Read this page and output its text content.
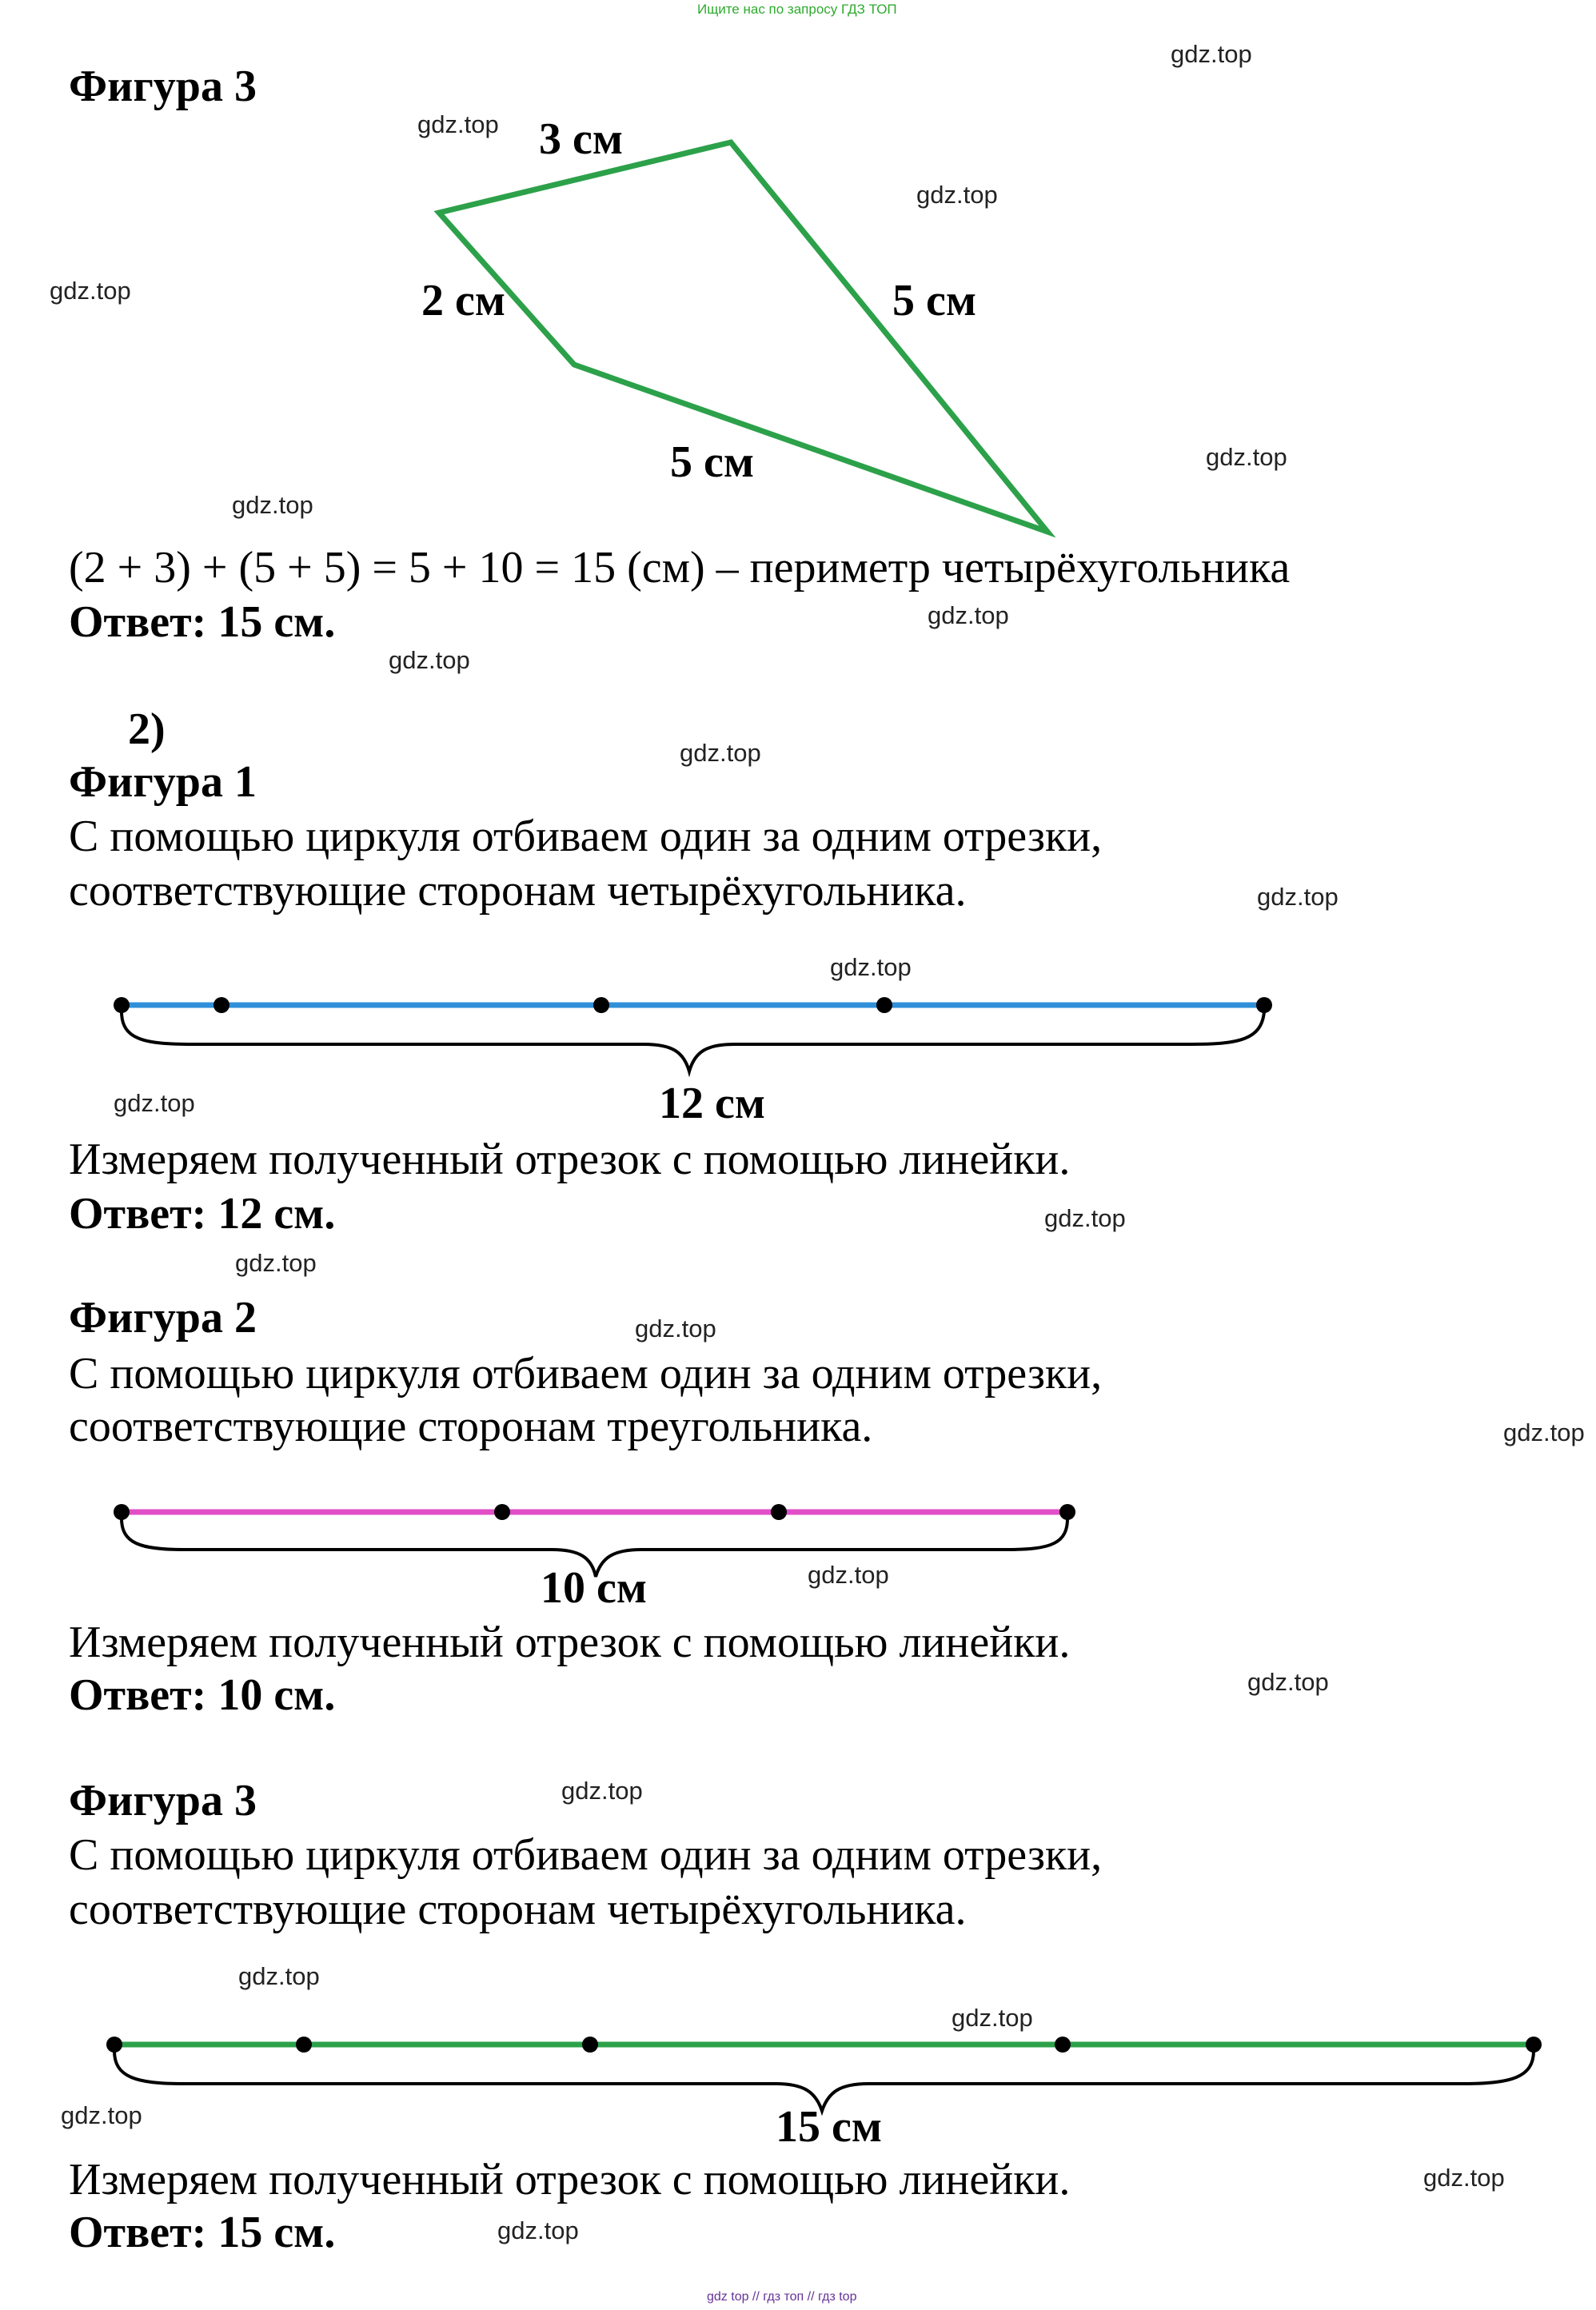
Ищите нас по запросу ГДЗ ТОП
Фигура 3
3 см
5 см
2 см
5 см
(2 + 3) + (5 + 5) = 5 + 10 = 15 (см) – периметр четырёхугольника
Ответ: 15 см.
2)
Фигура 1
С помощью циркуля отбиваем один за одним отрезки,
соответствующие сторонам четырёхугольника.
12 см
Измеряем полученный отрезок с помощью линейки.
Ответ: 12 см.
Фигура 2
С помощью циркуля отбиваем один за одним отрезки,
соответствующие сторонам треугольника.
10 см
Измеряем полученный отрезок с помощью линейки.
Ответ: 10 см.
Фигура 3
С помощью циркуля отбиваем один за одним отрезки,
соответствующие сторонам четырёхугольника.
15 см
Измеряем полученный отрезок с помощью линейки.
Ответ: 15 см.
gdz.top
gdz.top
gdz.top
gdz.top
gdz.top
gdz.top
gdz.top
gdz.top
gdz.top
gdz.top
gdz.top
gdz.top
gdz.top
gdz.top
gdz.top
gdz.top
gdz.top
gdz.top
gdz.top
gdz.top
gdz.top
gdz.top
gdz.top
gdz.top
gdz top // гдз топ // гдз top
